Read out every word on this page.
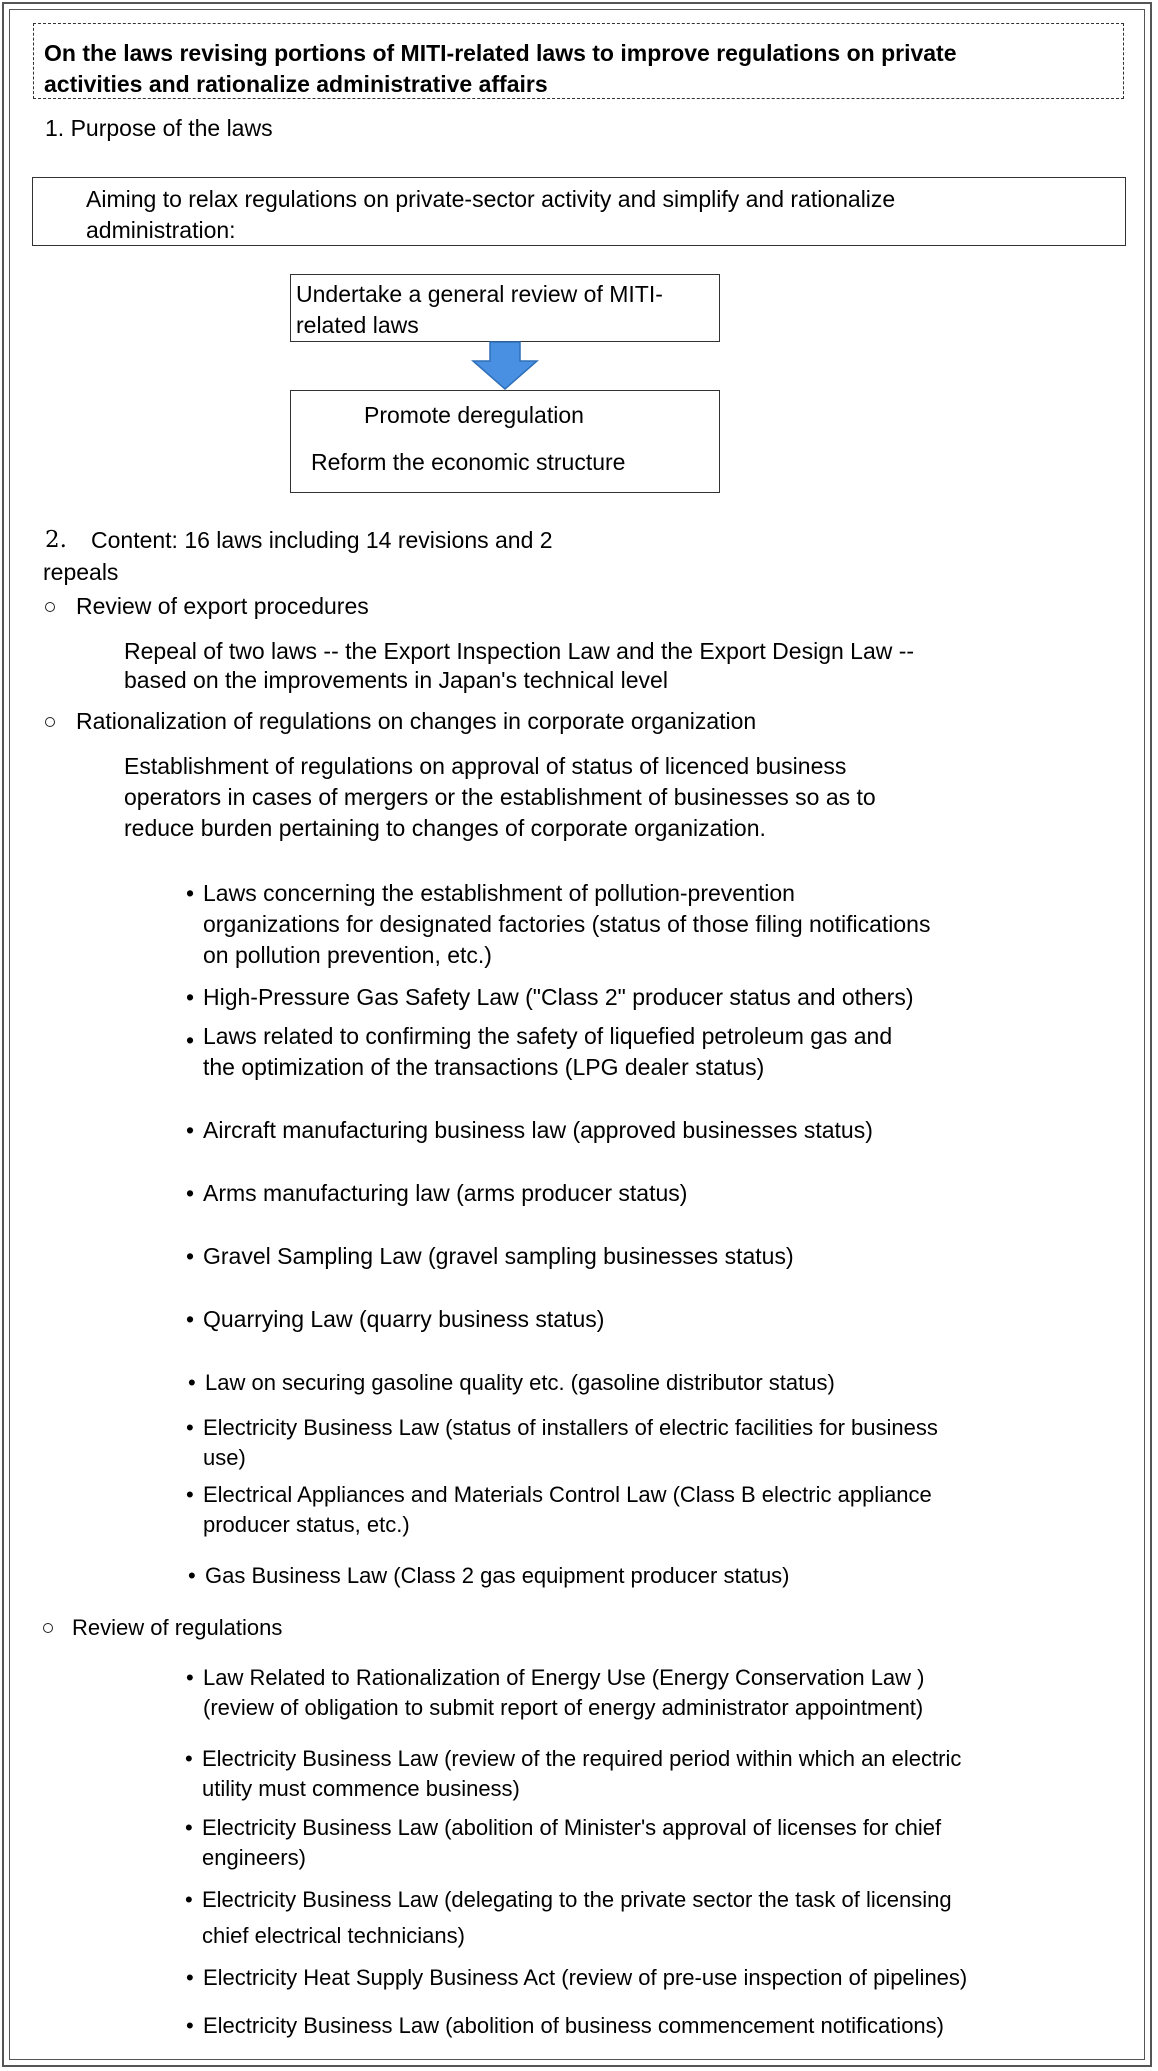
On the laws revising portions of MITI-related laws to improve regulations on private
activities and rationalize administrative affairs
1. Purpose of the laws
Aiming to relax regulations on private-sector activity and simplify and rationalize
administration:
Undertake a general review of MITI-
related laws
Promote deregulation
Reform the economic structure
2. Content: 16 laws including 14 revisions and 2
repeals
Review of export procedures
Repeal of two laws -- the Export Inspection Law and the Export Design Law --
based on the improvements in Japan's technical level
Rationalization of regulations on changes in corporate organization
Establishment of regulations on approval of status of licenced business
operators in cases of mergers or the establishment of businesses so as to
reduce burden pertaining to changes of corporate organization.
• Laws concerning the establishment of pollution-prevention
organizations for designated factories (status of those filing notifications
on pollution prevention, etc.)
• High-Pressure Gas Safety Law ("Class 2" producer status and others)
• Laws related to confirming the safety of liquefied petroleum gas and
the optimization of the transactions (LPG dealer status)
• Aircraft manufacturing business law (approved businesses status)
• Arms manufacturing law (arms producer status)
• Gravel Sampling Law (gravel sampling businesses status)
• Quarrying Law (quarry business status)
• Law on securing gasoline quality etc. (gasoline distributor status)
• Electricity Business Law (status of installers of electric facilities for business
use)
• Electrical Appliances and Materials Control Law (Class B electric appliance
producer status, etc.)
• Gas Business Law (Class 2 gas equipment producer status)
Review of regulations
• Law Related to Rationalization of Energy Use (Energy Conservation Law )
(review of obligation to submit report of energy administrator appointment)
• Electricity Business Law (review of the required period within which an electric
utility must commence business)
• Electricity Business Law (abolition of Minister's approval of licenses for chief
engineers)
• Electricity Business Law (delegating to the private sector the task of licensing
chief electrical technicians)
• Electricity Heat Supply Business Act (review of pre-use inspection of pipelines)
• Electricity Business Law (abolition of business commencement notifications)
